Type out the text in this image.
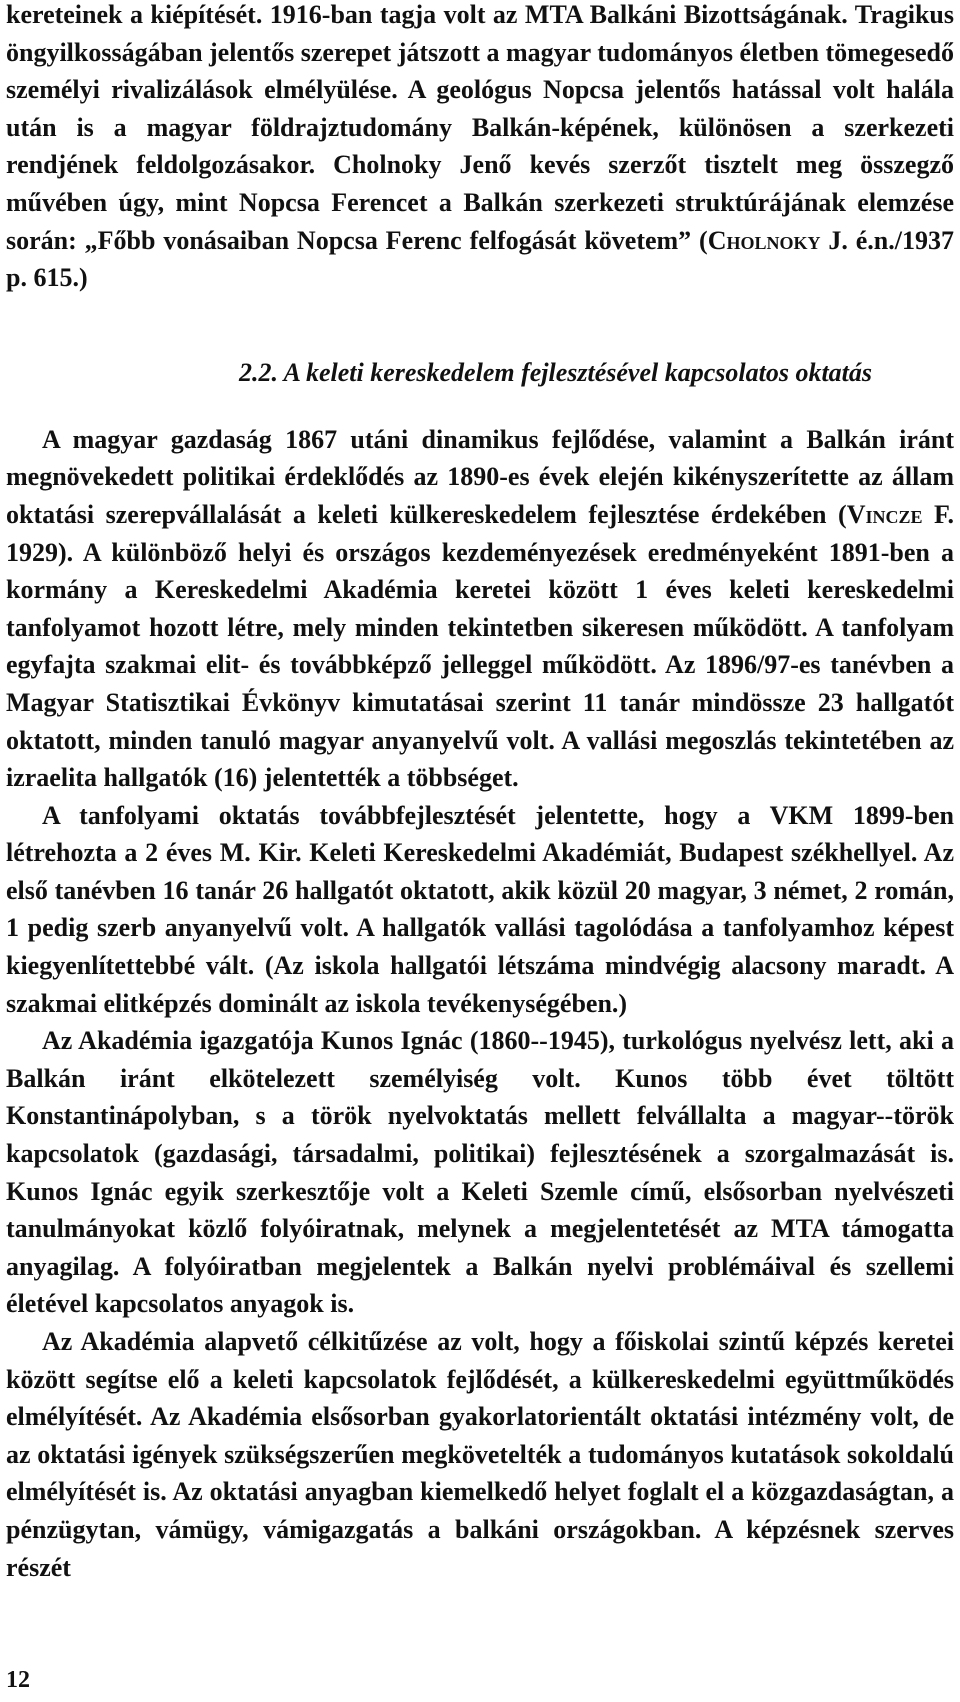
kereteinek a kiépítését. 1916-ban tagja volt az MTA Balkáni Bizottságának. Tragikus öngyilkosságában jelentős szerepet játszott a magyar tudományos életben tömegesedő személyi rivalizálások elmélyülése. A geológus Nopcsa jelentős hatással volt halála után is a magyar földrajztudomány Balkán-képének, különösen a szerkezeti rendjének feldolgozásakor. Cholnoky Jenő kevés szerzőt tisztelt meg összegző művében úgy, mint Nopcsa Ferencet a Balkán szerkezeti struktúrájának elemzése során: „Főbb vonásaiban Nopcsa Ferenc felfogását követem” (Cholnoky J. é.n./1937 p. 615.)

2.2. A keleti kereskedelem fejlesztésével kapcsolatos oktatás

A magyar gazdaság 1867 utáni dinamikus fejlődése, valamint a Balkán iránt megnövekedett politikai érdeklődés az 1890-es évek elején kikényszerítette az állam oktatási szerepvállalását a keleti külkereskedelem fejlesztése érdekében (Vincze F. 1929). A különböző helyi és országos kezdeményezések eredményeként 1891-ben a kormány a Kereskedelmi Akadémia keretei között 1 éves keleti kereskedelmi tanfolyamot hozott létre, mely minden tekintetben sikeresen működött. A tanfolyam egyfajta szakmai elit- és továbbképző jelleggel működött. Az 1896/97-es tanévben a Magyar Statisztikai Évkönyv kimutatásai szerint 11 tanár mindössze 23 hallgatót oktatott, minden tanuló magyar anyanyelvű volt. A vallási megoszlás tekintetében az izraelita hallgatók (16) jelentették a többséget.

A tanfolyami oktatás továbbfejlesztését jelentette, hogy a VKM 1899-ben létrehozta a 2 éves M. Kir. Keleti Kereskedelmi Akadémiát, Budapest székhellyel. Az első tanévben 16 tanár 26 hallgatót oktatott, akik közül 20 magyar, 3 német, 2 román, 1 pedig szerb anyanyelvű volt. A hallgatók vallási tagolódása a tanfolyamhoz képest kiegyenlítettebbé vált. (Az iskola hallgatói létszáma mindvégig alacsony maradt. A szakmai elitképzés dominált az iskola tevékenységében.)

Az Akadémia igazgatója Kunos Ignác (1860--1945), turkológus nyelvész lett, aki a Balkán iránt elkötelezett személyiség volt. Kunos több évet töltött Konstantinápolyban, s a török nyelvoktatás mellett felvállalta a magyar--török kapcsolatok (gazdasági, társadalmi, politikai) fejlesztésének a szorgalmazását is. Kunos Ignác egyik szerkesztője volt a Keleti Szemle című, elsősorban nyelvészeti tanulmányokat közlő folyóiratnak, melynek a megjelentetését az MTA támogatta anyagilag. A folyóiratban megjelentek a Balkán nyelvi problémáival és szellemi életével kapcsolatos anyagok is.

Az Akadémia alapvető célkitűzése az volt, hogy a főiskolai szintű képzés keretei között segítse elő a keleti kapcsolatok fejlődését, a külkereskedelmi együttműködés elmélyítését. Az Akadémia elsősorban gyakorlatorientált oktatási intézmény volt, de az oktatási igények szükségszerűen megkövetelték a tudományos kutatások sokoldalú elmélyítését is. Az oktatási anyagban kiemelkedő helyet foglalt el a közgazdaságtan, a pénzügytan, vámügy, vámigazgatás a balkáni országokban. A képzésnek szerves részét

12
